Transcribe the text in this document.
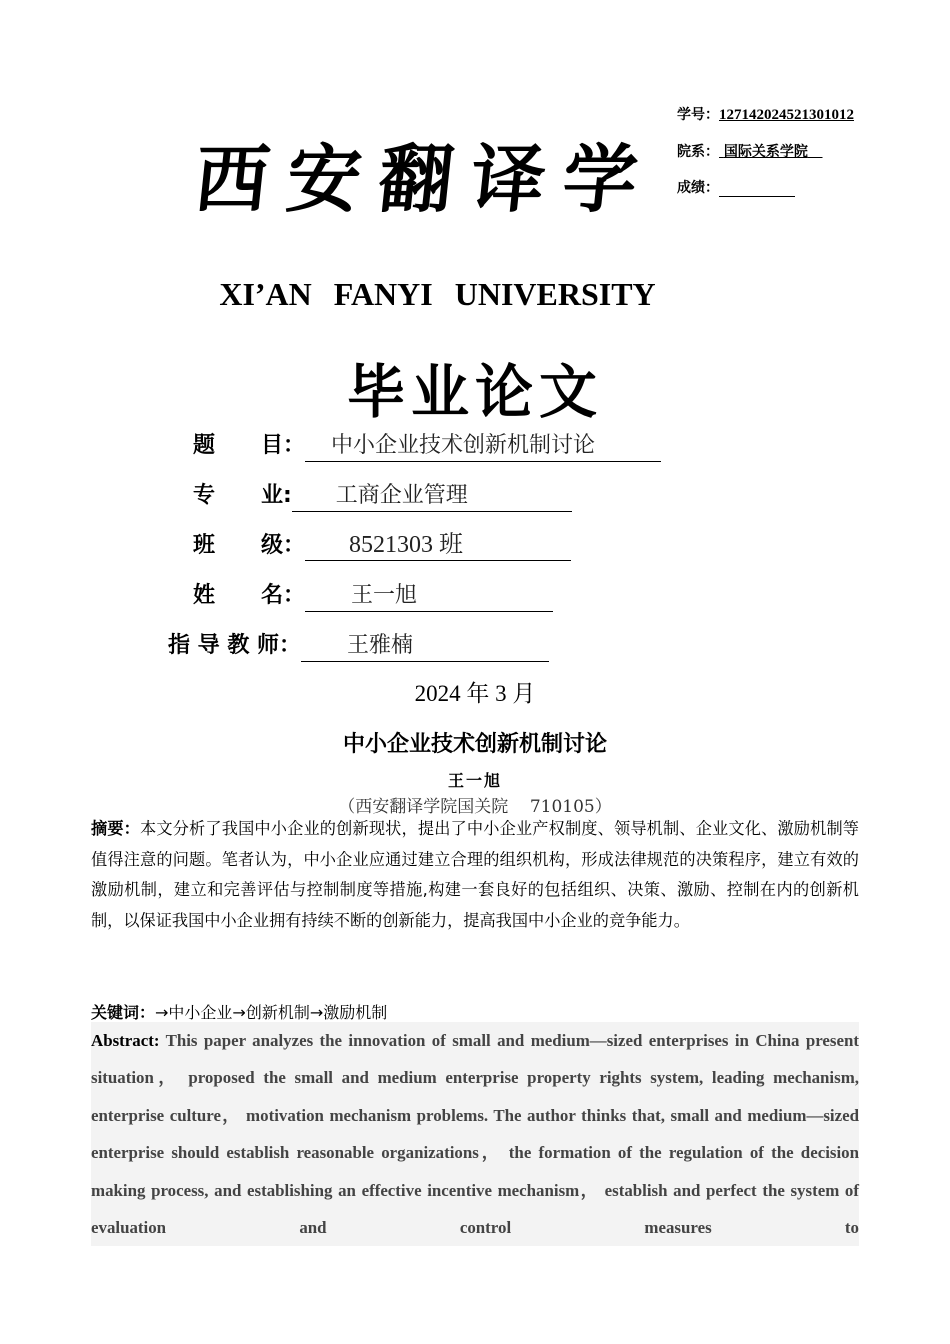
学号：127142024521301012
院系： 国际关系学院
成绩：
西安翻译学
XI’AN FANYI UNIVERSITY
毕业论文
题      目： 中小企业技术创新机制讨论
专      业: 工商企业管理
班      级： 8521303 班
姓      名： 王一旭
指 导 教 师： 王雅楠
2024 年 3 月
中小企业技术创新机制讨论
王一旭
（西安翻译学院国关院    710105）
摘要：本文分析了我国中小企业的创新现状，提出了中小企业产权制度、领导机制、企业文化、激励机制等值得注意的问题。笔者认为，中小企业应通过建立合理的组织机构，形成法律规范的决策程序，建立有效的激励机制，建立和完善评估与控制制度等措施,构建一套良好的包括组织、决策、激励、控制在内的创新机制，以保证我国中小企业拥有持续不断的创新能力，提高我国中小企业的竞争能力。
关键词：→中小企业→创新机制→激励机制
Abstract: This paper analyzes the innovation of small and medium—sized enterprises in China present situation， proposed the small and medium enterprise property rights system, leading mechanism, enterprise culture， motivation mechanism problems. The author thinks that, small and medium—sized enterprise should establish reasonable organizations， the formation of the regulation of the decision making process, and establishing an effective incentive mechanism， establish and perfect the system of evaluation and control measures to
